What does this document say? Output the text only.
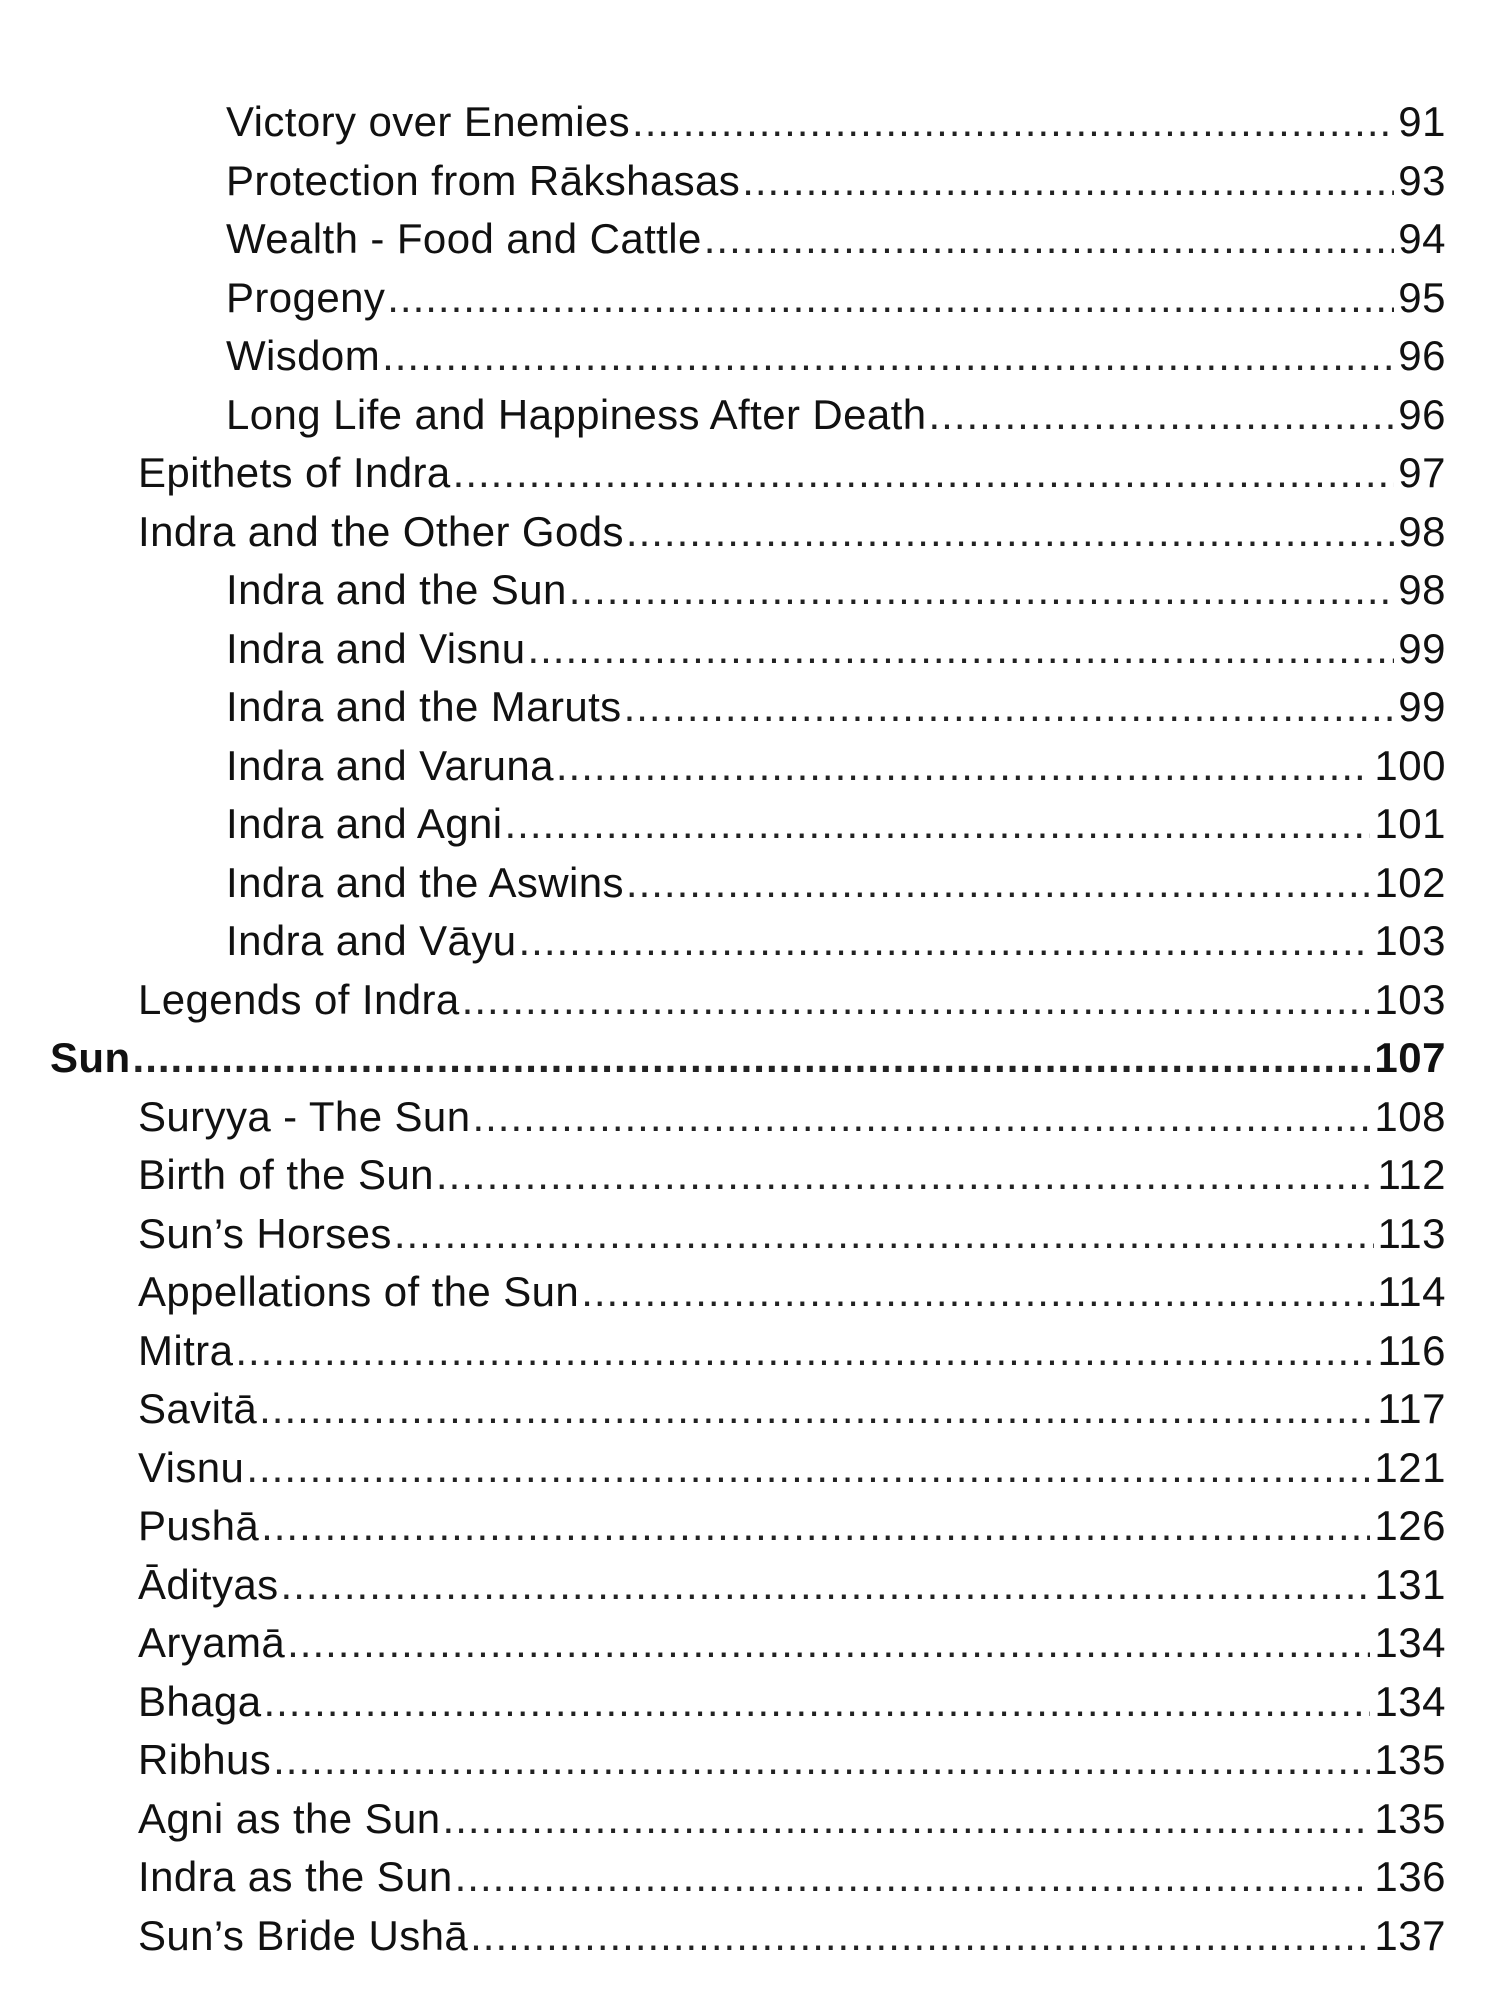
Victory over Enemies .....	91
Protection from Rākshasas .....	93
Wealth - Food and Cattle .....	94
Progeny .....	95
Wisdom .....	96
Long Life and Happiness After Death .....	96
Epithets of Indra .....	97
Indra and the Other Gods .....	98
Indra and the Sun .....	98
Indra and Visnu .....	99
Indra and the Maruts .....	99
Indra and Varuna .....	100
Indra and Agni .....	101
Indra and the Aswins .....	102
Indra and Vāyu .....	103
Legends of Indra .....	103
Sun .....	107
Suryya - The Sun .....	108
Birth of the Sun .....	112
Sun’s Horses .....	113
Appellations of the Sun .....	114
Mitra .....	116
Savitā .....	117
Visnu .....	121
Pushā .....	126
Ādityas .....	131
Aryamā .....	134
Bhaga .....	134
Ribhus .....	135
Agni as the Sun .....	135
Indra as the Sun .....	136
Sun’s Bride Ushā .....	137
